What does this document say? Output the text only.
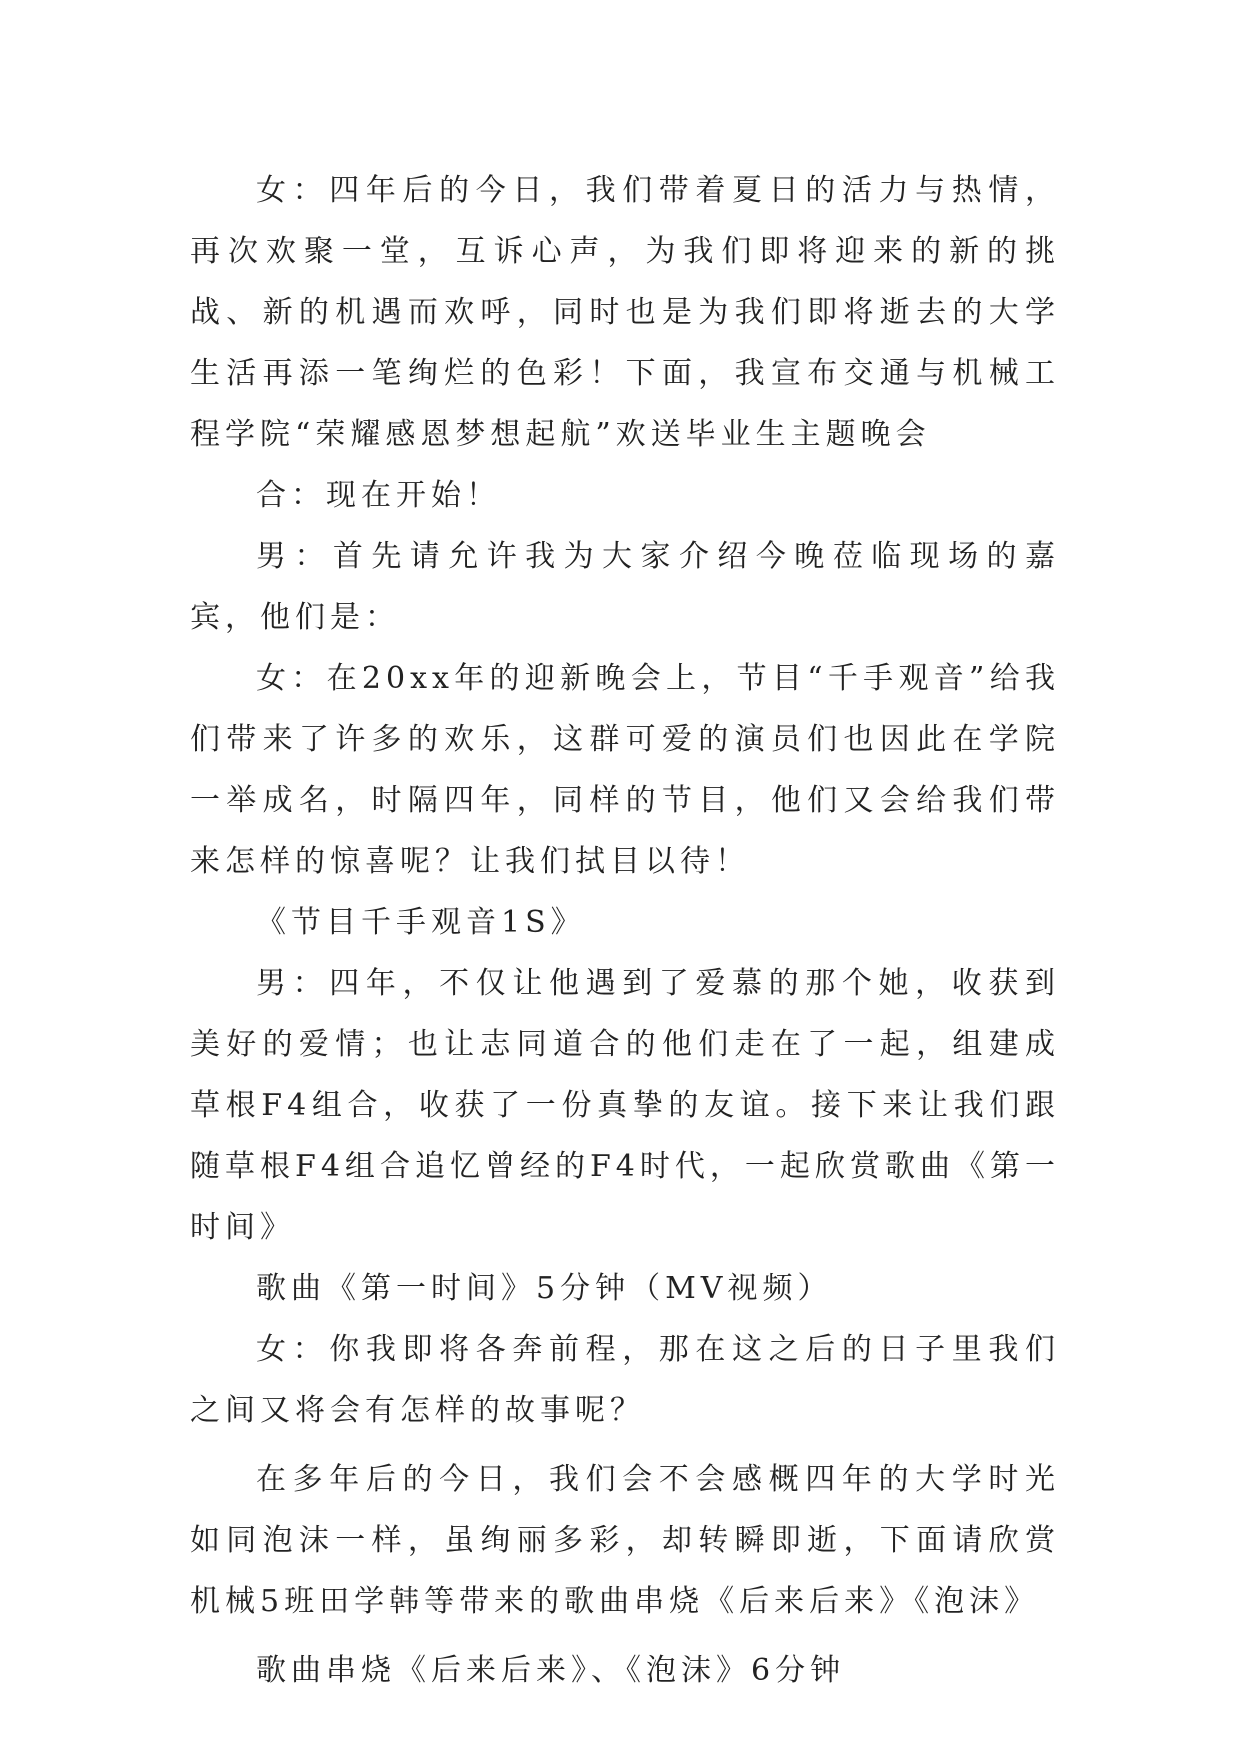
女：四年后的今日，我们带着夏日的活力与热情，再次欢聚一堂，互诉心声，为我们即将迎来的新的挑战、新的机遇而欢呼，同时也是为我们即将逝去的大学生活再添一笔绚烂的色彩！下面，我宣布交通与机械工程学院“荣耀感恩梦想起航”欢送毕业生主题晚会

合：现在开始！

男：首先请允许我为大家介绍今晚莅临现场的嘉宾，他们是：

女：在20xx年的迎新晚会上，节目“千手观音”给我们带来了许多的欢乐，这群可爱的演员们也因此在学院一举成名，时隔四年，同样的节目，他们又会给我们带来怎样的惊喜呢？让我们拭目以待！

《节目千手观音1S》

男：四年，不仅让他遇到了爱慕的那个她，收获到美好的爱情；也让志同道合的他们走在了一起，组建成草根F4组合，收获了一份真挚的友谊。接下来让我们跟随草根F4组合追忆曾经的F4时代，一起欣赏歌曲《第一时间》

歌曲《第一时间》5分钟（MV视频）

女：你我即将各奔前程，那在这之后的日子里我们之间又将会有怎样的故事呢？

在多年后的今日，我们会不会感概四年的大学时光如同泡沫一样，虽绚丽多彩，却转瞬即逝，下面请欣赏机械5班田学韩等带来的歌曲串烧《后来后来》《泡沫》

歌曲串烧《后来后来》、《泡沫》6分钟
